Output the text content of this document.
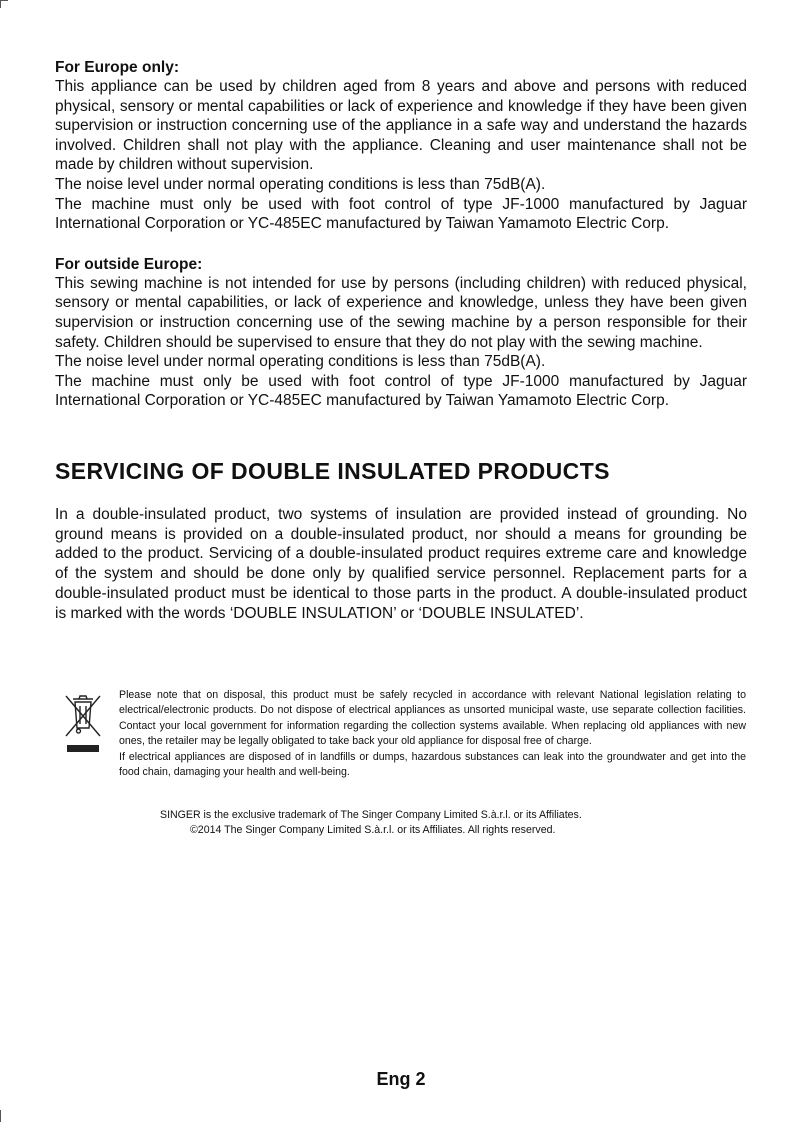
For Europe only:

This appliance can be used by children aged from 8 years and above and persons with reduced physical, sensory or mental capabilities or lack of experience and knowledge if they have been given supervision or instruction concerning use of the appliance in a safe way and understand the hazards involved. Children shall not play with the appliance. Cleaning and user maintenance shall not be made by children without supervision.

The noise level under normal operating conditions is less than 75dB(A).

The machine must only be used with foot control of type JF-1000 manufactured by Jaguar International Corporation or YC-485EC manufactured by Taiwan Yamamoto Electric Corp.

For outside Europe:

This sewing machine is not intended for use by persons (including children) with reduced physical, sensory or mental capabilities, or lack of experience and knowledge, unless they have been given supervision or instruction concerning use of the sewing machine by a person responsible for their safety. Children should be supervised to ensure that they do not play with the sewing machine.

The noise level under normal operating conditions is less than 75dB(A).

The machine must only be used with foot control of type JF-1000 manufactured by Jaguar International Corporation or YC-485EC manufactured by Taiwan Yamamoto Electric Corp.

SERVICING OF DOUBLE INSULATED PRODUCTS

In a double-insulated product, two systems of insulation are provided instead of grounding. No ground means is provided on a double-insulated product, nor should a means for grounding be added to the product. Servicing of a double-insulated product requires extreme care and knowledge of the system and should be done only by qualified service personnel. Replacement parts for a double-insulated product must be identical to those parts in the product. A double-insulated product is marked with the words ‘DOUBLE INSULATION’ or ‘DOUBLE INSULATED’.

Please note that on disposal, this product must be safely recycled in accordance with relevant National legislation relating to electrical/electronic products. Do not dispose of electrical appliances as unsorted municipal waste, use separate collection facilities. Contact your local government for information regarding the collection systems available. When replacing old appliances with new ones, the retailer may be legally obligated to take back your old appliance for disposal free of charge.

If electrical appliances are disposed of in landfills or dumps, hazardous substances can leak into the groundwater and get into the food chain, damaging your health and well-being.

SINGER is the exclusive trademark of The Singer Company Limited S.à.r.l. or its Affiliates.

©2014 The Singer Company Limited S.à.r.l. or its Affiliates. All rights reserved.

Eng 2
